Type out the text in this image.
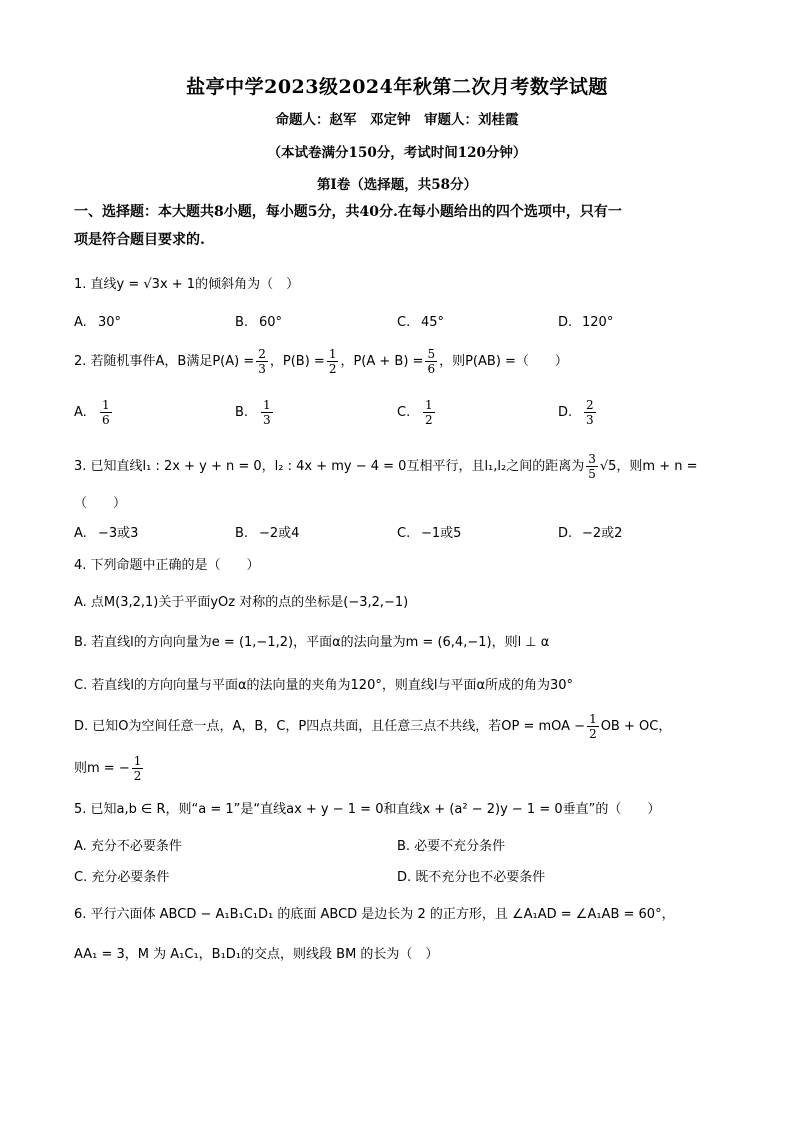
盐亭中学2023级2024年秋第二次月考数学试题
命题人：赵军　邓定钟　审题人：刘桂霞
（本试卷满分150分，考试时间120分钟）
第I卷（选择题，共58分）
一、选择题：本大题共8小题，每小题5分，共40分.在每小题给出的四个选项中，只有一
项是符合题目要求的.
1. 直线y = √3x + 1的倾斜角为（　）
A. 30°	B. 60°	C. 45°	D. 120°
2. 若随机事件A，B满足$P(A) = \frac{2}{3}$ ，$P(B) = \frac{1}{2}$ ，$P(A + B) = \frac{5}{6}$ ，则P(AB) =（　　）
A. $\frac{1}{6}$	B. $\frac{1}{3}$	C. $\frac{1}{2}$	D. $\frac{2}{3}$
3. 已知直线l₁ : 2x + y + n = 0，l₂ : 4x + my − 4 = 0互相平行，且l₁,l₂之间的距离为 $\frac{3}{5} √5$，则m + n =
（　　）
A. −3或3	B. −2或4	C. −1或5	D. −2或2
4. 下列命题中正确的是（　　）
A. 点M(3,2,1)关于平面yOz 对称的点的坐标是(−3,2,−1)
B. 若直线l的方向向量为e = (1,−1,2)，平面α的法向量为m = (6,4,−1)，则l ⊥ α
C. 若直线l的方向向量与平面α的法向量的夹角为120°，则直线l与平面α所成的角为30°
D. 已知O为空间任意一点，A，B，C，P四点共面，且任意三点不共线，若OP = mOA − $\frac{1}{2}$ OB + OC，
则m = − $\frac{1}{2}$
5. 已知a,b ∈ R，则“a = 1”是“直线ax + y − 1 = 0和直线x + (a² − 2)y − 1 = 0垂直”的（　　）
A. 充分不必要条件	B. 必要不充分条件
C. 充分必要条件	D. 既不充分也不必要条件
6. 平行六面体 ABCD − A₁B₁C₁D₁ 的底面 ABCD 是边长为 2 的正方形，且 ∠A₁AD = ∠A₁AB = 60°，
AA₁ = 3，M 为 A₁C₁，B₁D₁的交点，则线段 BM 的长为（　）
